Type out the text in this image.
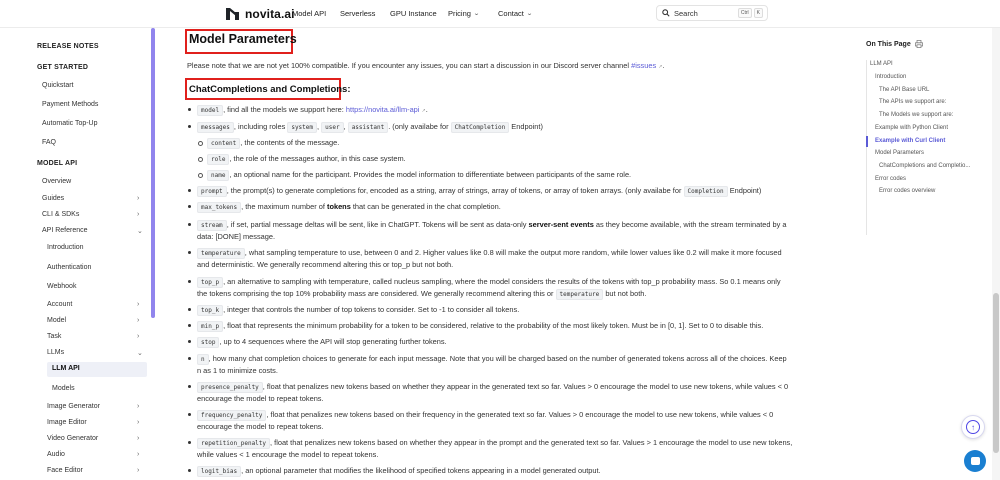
novita.ai
Model API Serverless GPU Instance Pricing ⌄ Contact ⌄	Search	Ctrl	K
RELEASE NOTES
GET STARTED
Quickstart
Payment Methods
Automatic Top-Up
FAQ
MODEL API
Overview
Guides	›
CLI & SDKs	›
API Reference	⌄
Introduction
Authentication
Webhook
Account	›
Model	›
Task	›
LLMs	⌄
LLM API
Models
Image Generator	›
Image Editor	›
Video Generator	›
Audio	›
Face Editor	›
Model Parameters
Please note that we are not yet 100% compatible. If you encounter any issues, you can start a discussion in our Discord server channel #issues ↗.
ChatCompletions and Completions:
model , find all the models we support here: https://novita.ai/llm-api ↗.
messages , including roles system , user , assistant . (only availabe for ChatCompletion Endpoint)
content , the contents of the message.
role , the role of the messages author, in this case system.
name , an optional name for the participant. Provides the model information to differentiate between participants of the same role.
prompt , the prompt(s) to generate completions for, encoded as a string, array of strings, array of tokens, or array of token arrays. (only availabe for Completion Endpoint)
max_tokens , the maximum number of tokens that can be generated in the chat completion.
stream , if set, partial message deltas will be sent, like in ChatGPT. Tokens will be sent as data-only server-sent events as they become available, with the stream terminated by a
data: [DONE] message.
temperature , what sampling temperature to use, between 0 and 2. Higher values like 0.8 will make the output more random, while lower values like 0.2 will make it more focused
and deterministic. We generally recommend altering this or top_p but not both.
top_p , an alternative to sampling with temperature, called nucleus sampling, where the model considers the results of the tokens with top_p probability mass. So 0.1 means only
the tokens comprising the top 10% probability mass are considered. We generally recommend altering this or temperature but not both.
top_k , integer that controls the number of top tokens to consider. Set to -1 to consider all tokens.
min_p , float that represents the minimum probability for a token to be considered, relative to the probability of the most likely token. Must be in [0, 1]. Set to 0 to disable this.
stop , up to 4 sequences where the API will stop generating further tokens.
n , how many chat completion choices to generate for each input message. Note that you will be charged based on the number of generated tokens across all of the choices. Keep
n as 1 to minimize costs.
presence_penalty , float that penalizes new tokens based on whether they appear in the generated text so far. Values > 0 encourage the model to use new tokens, while values < 0
encourage the model to repeat tokens.
frequency_penalty , float that penalizes new tokens based on their frequency in the generated text so far. Values > 0 encourage the model to use new tokens, while values < 0
encourage the model to repeat tokens.
repetition_penalty , float that penalizes new tokens based on whether they appear in the prompt and the generated text so far. Values > 1 encourage the model to use new tokens,
while values < 1 encourage the model to repeat tokens.
logit_bias , an optional parameter that modifies the likelihood of specified tokens appearing in a model generated output.
On This Page
LLM API
Introduction
The API Base URL
The APIs we support are:
The Models we support are:
Example with Python Client
Example with Curl Client
Model Parameters
ChatCompletions and Completio...
Error codes
Error codes overview
↑
